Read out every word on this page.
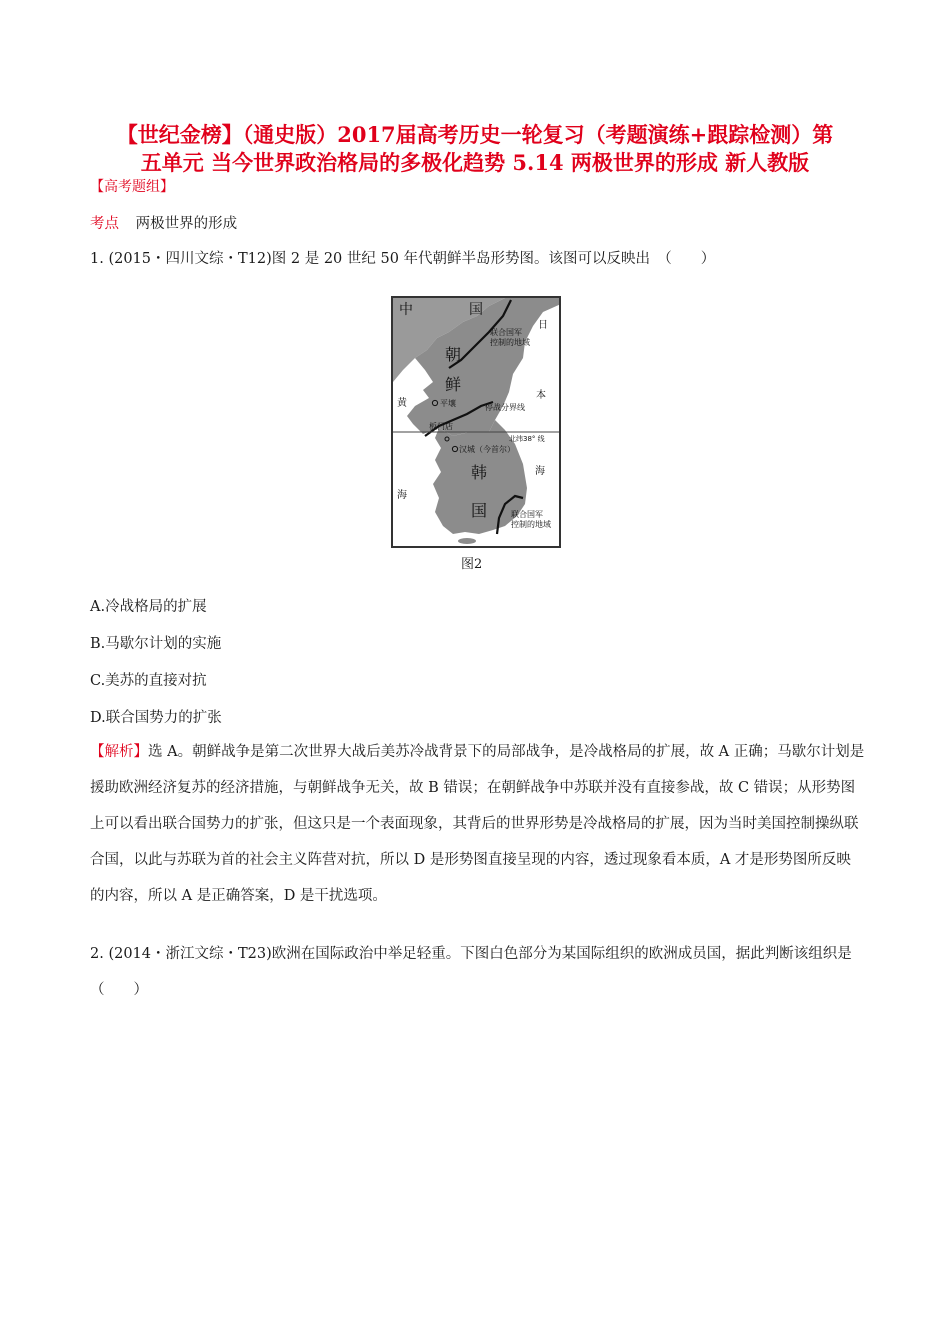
【世纪金榜】（通史版）2017届高考历史一轮复习（考题演练+跟踪检测）第
五单元 当今世界政治格局的多极化趋势 5.14 两极世界的形成 新人教版
【高考题组】
考点 两极世界的形成
1. (2015・四川文综・T12)图 2 是 20 世纪 50 年代朝鲜半岛形势图。该图可以反映出　（　　）
中	国
日
联合国军
控制的地域
朝
鲜
本
黄	平壤	停战分界线
板门店
北纬38° 线
汉城（今首尔）
韩	海
海
国	联合国军
控制的地域
图2
A.冷战格局的扩展
B.马歇尔计划的实施
C.美苏的直接对抗
D.联合国势力的扩张
【解析】选 A。朝鲜战争是第二次世界大战后美苏冷战背景下的局部战争，是冷战格局的扩展，故 A 正确；马歇尔计划是援助欧洲经济复苏的经济措施，与朝鲜战争无关，故 B 错误；在朝鲜战争中苏联并没有直接参战，故 C 错误；从形势图上可以看出联合国势力的扩张，但这只是一个表面现象，其背后的世界形势是冷战格局的扩展，因为当时美国控制操纵联合国，以此与苏联为首的社会主义阵营对抗，所以 D 是形势图直接呈现的内容，透过现象看本质，A 才是形势图所反映的内容，所以 A 是正确答案，D 是干扰选项。
2. (2014・浙江文综・T23)欧洲在国际政治中举足轻重。下图白色部分为某国际组织的欧洲成员国，据此判断该组织是　（　　）
